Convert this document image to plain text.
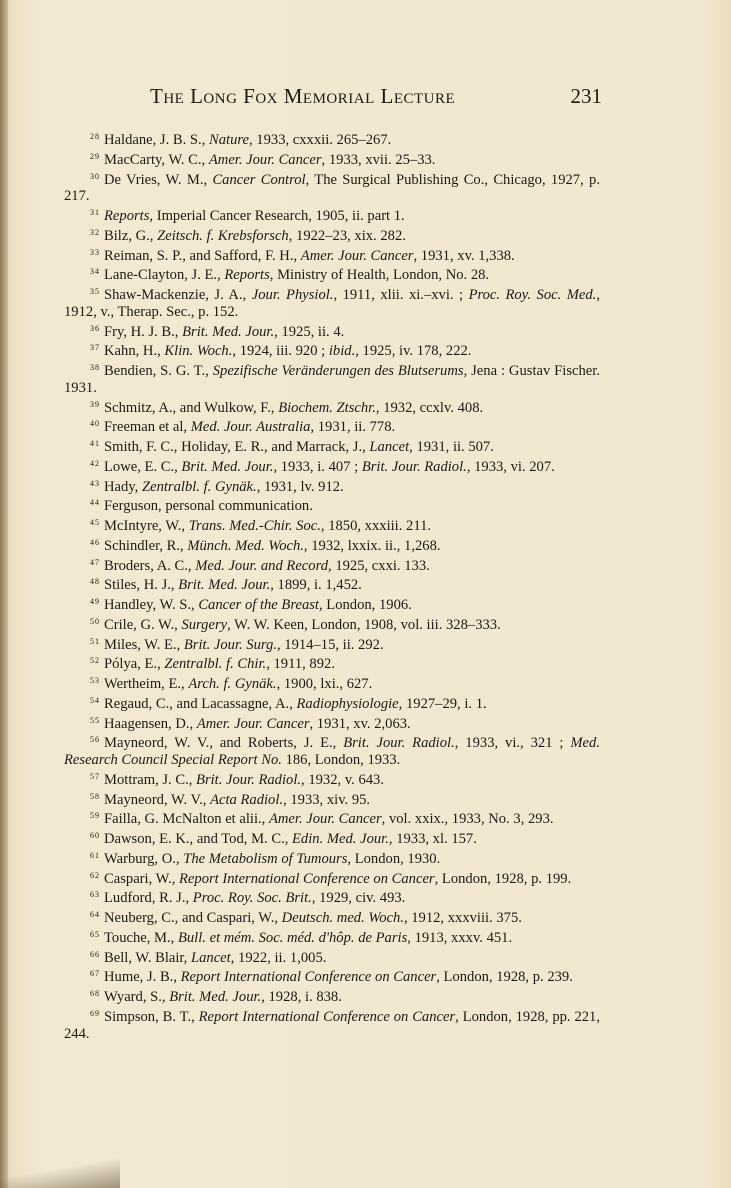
The Long Fox Memorial Lecture	231

$^{28}$ Haldane, J. B. S., Nature, 1933, cxxxii. 265–267.

$^{29}$ MacCarty, W. C., Amer. Jour. Cancer, 1933, xvii. 25–33.

$^{30}$ De Vries, W. M., Cancer Control, The Surgical Publishing Co., Chicago, 1927, p. 217.

$^{31}$ Reports, Imperial Cancer Research, 1905, ii. part 1.

$^{32}$ Bilz, G., Zeitsch. f. Krebsforsch, 1922–23, xix. 282.

$^{33}$ Reiman, S. P., and Safford, F. H., Amer. Jour. Cancer, 1931, xv. 1,338.

$^{34}$ Lane-Clayton, J. E., Reports, Ministry of Health, London, No. 28.

$^{35}$ Shaw-Mackenzie, J. A., Jour. Physiol., 1911, xlii. xi.–xvi. ; Proc. Roy. Soc. Med., 1912, v., Therap. Sec., p. 152.

$^{36}$ Fry, H. J. B., Brit. Med. Jour., 1925, ii. 4.

$^{37}$ Kahn, H., Klin. Woch., 1924, iii. 920 ; ibid., 1925, iv. 178, 222.

$^{38}$ Bendien, S. G. T., Spezifische Veränderungen des Blutserums, Jena : Gustav Fischer. 1931.

$^{39}$ Schmitz, A., and Wulkow, F., Biochem. Ztschr., 1932, ccxlv. 408.

$^{40}$ Freeman et al, Med. Jour. Australia, 1931, ii. 778.

$^{41}$ Smith, F. C., Holiday, E. R., and Marrack, J., Lancet, 1931, ii. 507.

$^{42}$ Lowe, E. C., Brit. Med. Jour., 1933, i. 407 ; Brit. Jour. Radiol., 1933, vi. 207.

$^{43}$ Hady, Zentralbl. f. Gynäk., 1931, lv. 912.

$^{44}$ Ferguson, personal communication.

$^{45}$ McIntyre, W., Trans. Med.-Chir. Soc., 1850, xxxiii. 211.

$^{46}$ Schindler, R., Münch. Med. Woch., 1932, lxxix. ii., 1,268.

$^{47}$ Broders, A. C., Med. Jour. and Record, 1925, cxxi. 133.

$^{48}$ Stiles, H. J., Brit. Med. Jour., 1899, i. 1,452.

$^{49}$ Handley, W. S., Cancer of the Breast, London, 1906.

$^{50}$ Crile, G. W., Surgery, W. W. Keen, London, 1908, vol. iii. 328–333.

$^{51}$ Miles, W. E., Brit. Jour. Surg., 1914–15, ii. 292.

$^{52}$ Pólya, E., Zentralbl. f. Chir., 1911, 892.

$^{53}$ Wertheim, E., Arch. f. Gynäk., 1900, lxi., 627.

$^{54}$ Regaud, C., and Lacassagne, A., Radiophysiologie, 1927–29, i. 1.

$^{55}$ Haagensen, D., Amer. Jour. Cancer, 1931, xv. 2,063.

$^{56}$ Mayneord, W. V., and Roberts, J. E., Brit. Jour. Radiol., 1933, vi., 321 ; Med. Research Council Special Report No. 186, London, 1933.

$^{57}$ Mottram, J. C., Brit. Jour. Radiol., 1932, v. 643.

$^{58}$ Mayneord, W. V., Acta Radiol., 1933, xiv. 95.

$^{59}$ Failla, G. McNalton et alii., Amer. Jour. Cancer, vol. xxix., 1933, No. 3, 293.

$^{60}$ Dawson, E. K., and Tod, M. C., Edin. Med. Jour., 1933, xl. 157.

$^{61}$ Warburg, O., The Metabolism of Tumours, London, 1930.

$^{62}$ Caspari, W., Report International Conference on Cancer, London, 1928, p. 199.

$^{63}$ Ludford, R. J., Proc. Roy. Soc. Brit., 1929, civ. 493.

$^{64}$ Neuberg, C., and Caspari, W., Deutsch. med. Woch., 1912, xxxviii. 375.

$^{65}$ Touche, M., Bull. et mém. Soc. méd. d'hôp. de Paris, 1913, xxxv. 451.

$^{66}$ Bell, W. Blair, Lancet, 1922, ii. 1,005.

$^{67}$ Hume, J. B., Report International Conference on Cancer, London, 1928, p. 239.

$^{68}$ Wyard, S., Brit. Med. Jour., 1928, i. 838.

$^{69}$ Simpson, B. T., Report International Conference on Cancer, London, 1928, pp. 221, 244.
